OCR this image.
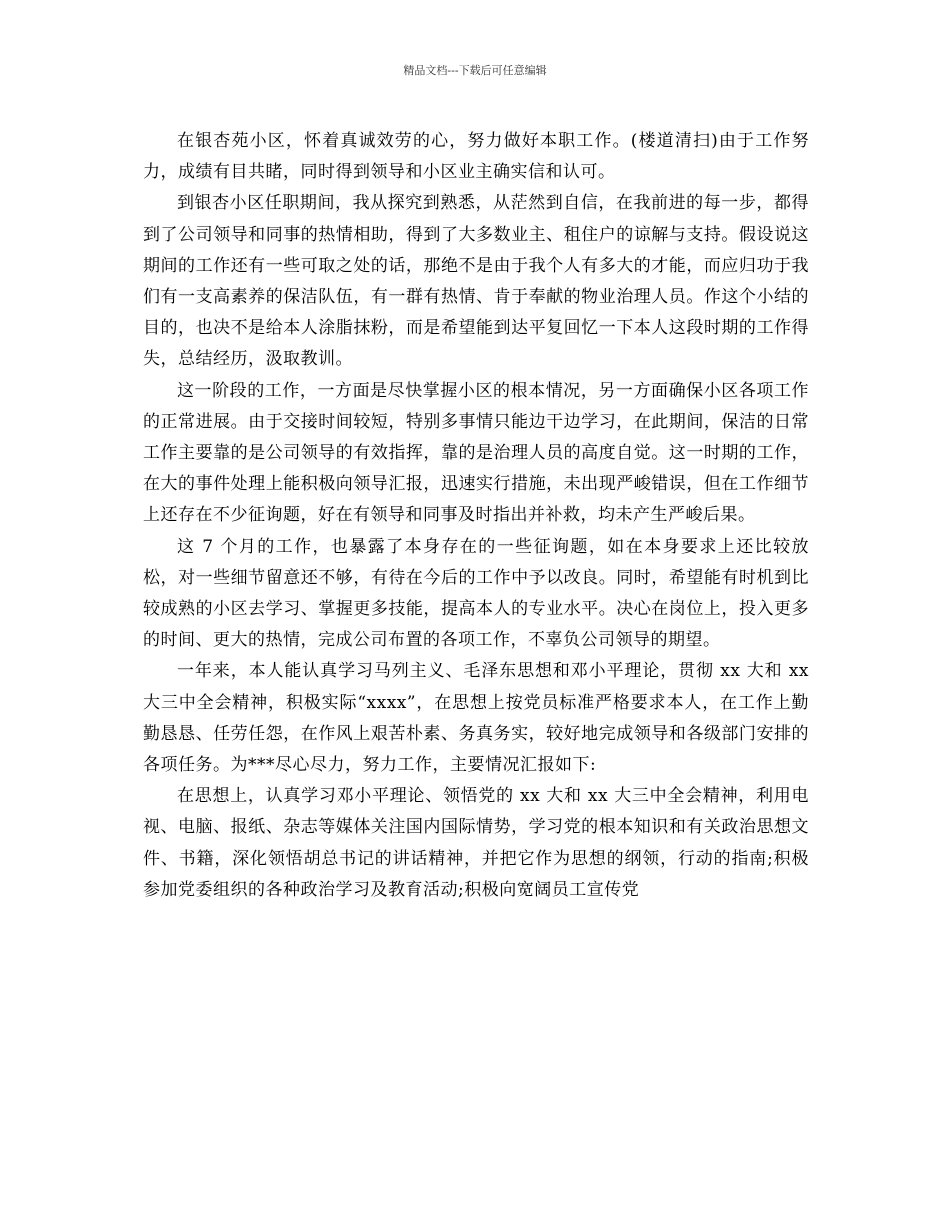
精品文档---下载后可任意编辑

在银杏苑小区，怀着真诚效劳的心，努力做好本职工作。(楼道清扫)由于工作努力，成绩有目共睹，同时得到领导和小区业主确实信和认可。

到银杏小区任职期间，我从探究到熟悉，从茫然到自信，在我前进的每一步，都得到了公司领导和同事的热情相助，得到了大多数业主、租住户的谅解与支持。假设说这期间的工作还有一些可取之处的话，那绝不是由于我个人有多大的才能，而应归功于我们有一支高素养的保洁队伍，有一群有热情、肯于奉献的物业治理人员。作这个小结的目的，也决不是给本人涂脂抹粉，而是希望能到达平复回忆一下本人这段时期的工作得失，总结经历，汲取教训。

这一阶段的工作，一方面是尽快掌握小区的根本情况，另一方面确保小区各项工作的正常进展。由于交接时间较短，特别多事情只能边干边学习，在此期间，保洁的日常工作主要靠的是公司领导的有效指挥，靠的是治理人员的高度自觉。这一时期的工作，在大的事件处理上能积极向领导汇报，迅速实行措施，未出现严峻错误，但在工作细节上还存在不少征询题，好在有领导和同事及时指出并补救，均未产生严峻后果。

这 7 个月的工作，也暴露了本身存在的一些征询题，如在本身要求上还比较放松，对一些细节留意还不够，有待在今后的工作中予以改良。同时，希望能有时机到比较成熟的小区去学习、掌握更多技能，提高本人的专业水平。决心在岗位上，投入更多的时间、更大的热情，完成公司布置的各项工作，不辜负公司领导的期望。

一年来，本人能认真学习马列主义、毛泽东思想和邓小平理论，贯彻 xx 大和 xx 大三中全会精神，积极实际“xxxx”，在思想上按党员标准严格要求本人，在工作上勤勤恳恳、任劳任怨，在作风上艰苦朴素、务真务实，较好地完成领导和各级部门安排的各项任务。为***尽心尽力，努力工作，主要情况汇报如下:

在思想上，认真学习邓小平理论、领悟党的 xx 大和 xx 大三中全会精神，利用电视、电脑、报纸、杂志等媒体关注国内国际情势，学习党的根本知识和有关政治思想文件、书籍，深化领悟胡总书记的讲话精神，并把它作为思想的纲领，行动的指南;积极参加党委组织的各种政治学习及教育活动;积极向宽阔员工宣传党
